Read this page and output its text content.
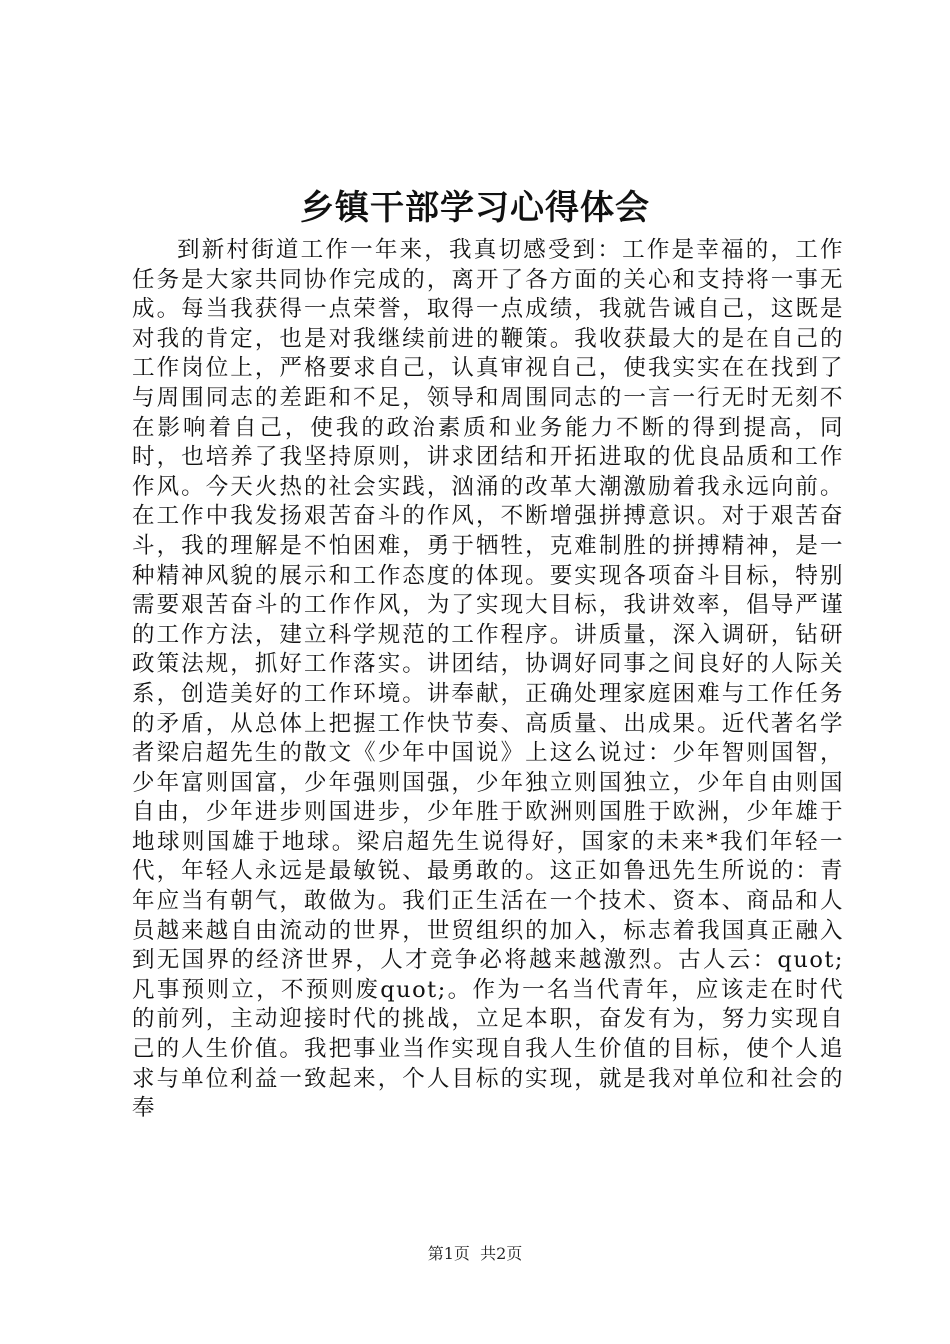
乡镇干部学习心得体会

到新村街道工作一年来，我真切感受到：工作是幸福的，工作任务是大家共同协作完成的，离开了各方面的关心和支持将一事无成。每当我获得一点荣誉，取得一点成绩，我就告诫自己，这既是对我的肯定，也是对我继续前进的鞭策。我收获最大的是在自己的工作岗位上，严格要求自己，认真审视自己，使我实实在在找到了与周围同志的差距和不足，领导和周围同志的一言一行无时无刻不在影响着自己，使我的政治素质和业务能力不断的得到提高，同时，也培养了我坚持原则，讲求团结和开拓进取的优良品质和工作作风。今天火热的社会实践，汹涌的改革大潮激励着我永远向前。在工作中我发扬艰苦奋斗的作风，不断增强拼搏意识。对于艰苦奋斗，我的理解是不怕困难，勇于牺牲，克难制胜的拼搏精神，是一种精神风貌的展示和工作态度的体现。要实现各项奋斗目标，特别需要艰苦奋斗的工作作风，为了实现大目标，我讲效率，倡导严谨的工作方法，建立科学规范的工作程序。讲质量，深入调研，钻研政策法规，抓好工作落实。讲团结，协调好同事之间良好的人际关系，创造美好的工作环境。讲奉献，正确处理家庭困难与工作任务的矛盾，从总体上把握工作快节奏、高质量、出成果。近代著名学者梁启超先生的散文《少年中国说》上这么说过：少年智则国智，少年富则国富，少年强则国强，少年独立则国独立，少年自由则国自由，少年进步则国进步，少年胜于欧洲则国胜于欧洲，少年雄于地球则国雄于地球。梁启超先生说得好，国家的未来*我们年轻一代，年轻人永远是最敏锐、最勇敢的。这正如鲁迅先生所说的：青年应当有朝气，敢做为。我们正生活在一个技术、资本、商品和人员越来越自由流动的世界，世贸组织的加入，标志着我国真正融入到无国界的经济世界，人才竞争必将越来越激烈。古人云：quot;凡事预则立，不预则废quot;。作为一名当代青年，应该走在时代的前列，主动迎接时代的挑战，立足本职，奋发有为，努力实现自己的人生价值。我把事业当作实现自我人生价值的目标，使个人追求与单位利益一致起来，个人目标的实现，就是我对单位和社会的奉

第1页 共2页
